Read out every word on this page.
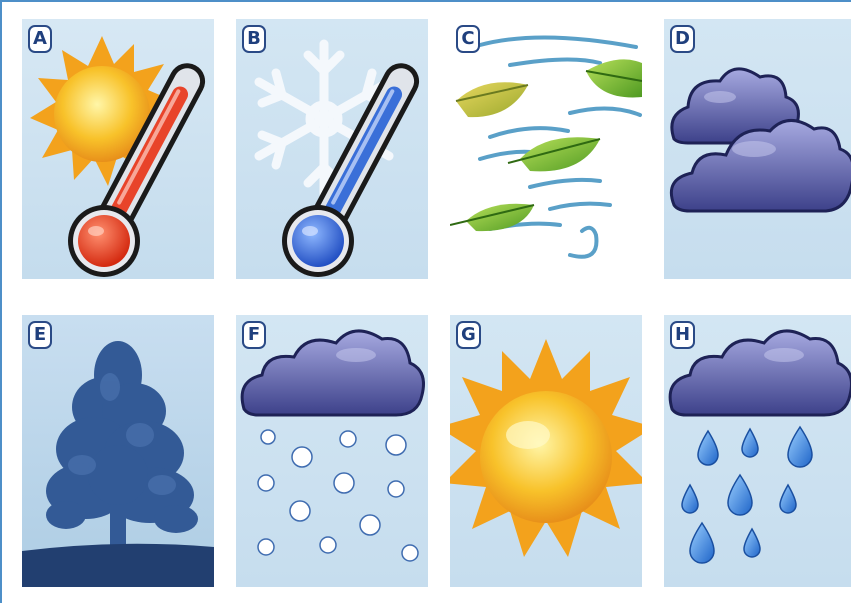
A	B	C	D
E	F	G	H
